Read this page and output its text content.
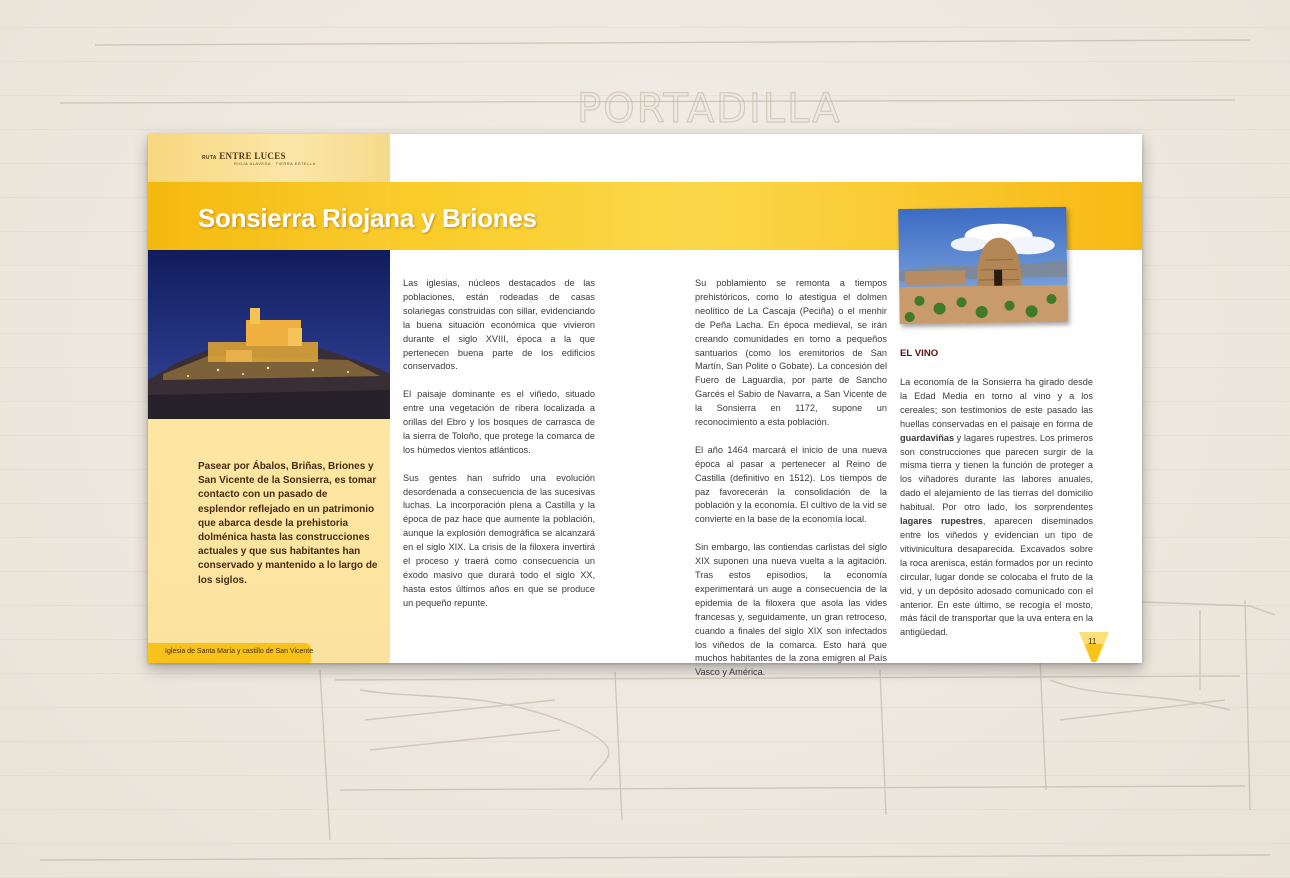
PORTADILLA
RUTA ENTRE LUCES
RIOJA ALAVESA · TIERRA ESTELLA
Sonsierra Riojana y Briones
Pasear por Ábalos, Briñas, Briones y San Vicente de la Sonsierra, es tomar contacto con un pasado de esplendor reflejado en un patrimonio que abarca desde la prehistoria dolménica hasta las construcciones actuales y que sus habitantes han conservado y mantenido a lo largo de los siglos.
Iglesia de Santa María y castillo de San Vicente

Las iglesias, núcleos destacados de las poblaciones, están rodeadas de casas solariegas construidas con sillar, evidenciando la buena situación económica que vivieron durante el siglo XVIII, época a la que pertenecen buena parte de los edificios conservados.

El paisaje dominante es el viñedo, situado entre una vegetación de ribera localizada a orillas del Ebro y los bosques de carrasca de la sierra de Toloño, que protege la comarca de los húmedos vientos atlánticos.

Sus gentes han sufrido una evolución desordenada a consecuencia de las sucesivas luchas. La incorporación plena a Castilla y la época de paz hace que aumente la población, aunque la explosión demográfica se alcanzará en el siglo XIX. La crisis de la filoxera invertirá el proceso y traerá como consecuencia un éxodo masivo que durará todo el siglo XX, hasta estos últimos años en que se produce un pequeño repunte.

Su poblamiento se remonta a tiempos prehistóricos, como lo atestigua el dolmen neolítico de La Cascaja (Peciña) o el menhir de Peña Lacha. En época medieval, se irán creando comunidades en torno a pequeños santuarios (como los eremitorios de San Martín, San Polite o Gobate). La concesión del Fuero de Laguardia, por parte de Sancho Garcés el Sabio de Navarra, a San Vicente de la Sonsierra en 1172, supone un reconocimiento a esta población.

El año 1464 marcará el inicio de una nueva época al pasar a pertenecer al Reino de Castilla (definitivo en 1512). Los tiempos de paz favorecerán la consolidación de la población y la economía. El cultivo de la vid se convierte en la base de la economía local.

Sin embargo, las contiendas carlistas del siglo XIX suponen una nueva vuelta a la agitación. Tras estos episodios, la economía experimentará un auge a consecuencia de la epidemia de la filoxera que asola las vides francesas y, seguidamente, un gran retroceso, cuando a finales del siglo XIX son infectados los viñedos de la comarca. Esto hará que muchos habitantes de la zona emigren al País Vasco y América.

EL VINO

La economía de la Sonsierra ha girado desde la Edad Media en torno al vino y a los cereales; son testimonios de este pasado las huellas conservadas en el paisaje en forma de guardaviñas y lagares rupestres. Los primeros son construcciones que parecen surgir de la misma tierra y tienen la función de proteger a los viñadores durante las labores anuales, dado el alejamiento de las tierras del domicilio habitual. Por otro lado, los sorprendentes lagares rupestres, aparecen diseminados entre los viñedos y evidencian un tipo de vitivinicultura desaparecida. Excavados sobre la roca arenisca, están formados por un recinto circular, lugar donde se colocaba el fruto de la vid, y un depósito adosado comunicado con el anterior. En este último, se recogía el mosto, más fácil de transportar que la uva entera en la antigüedad.

11
